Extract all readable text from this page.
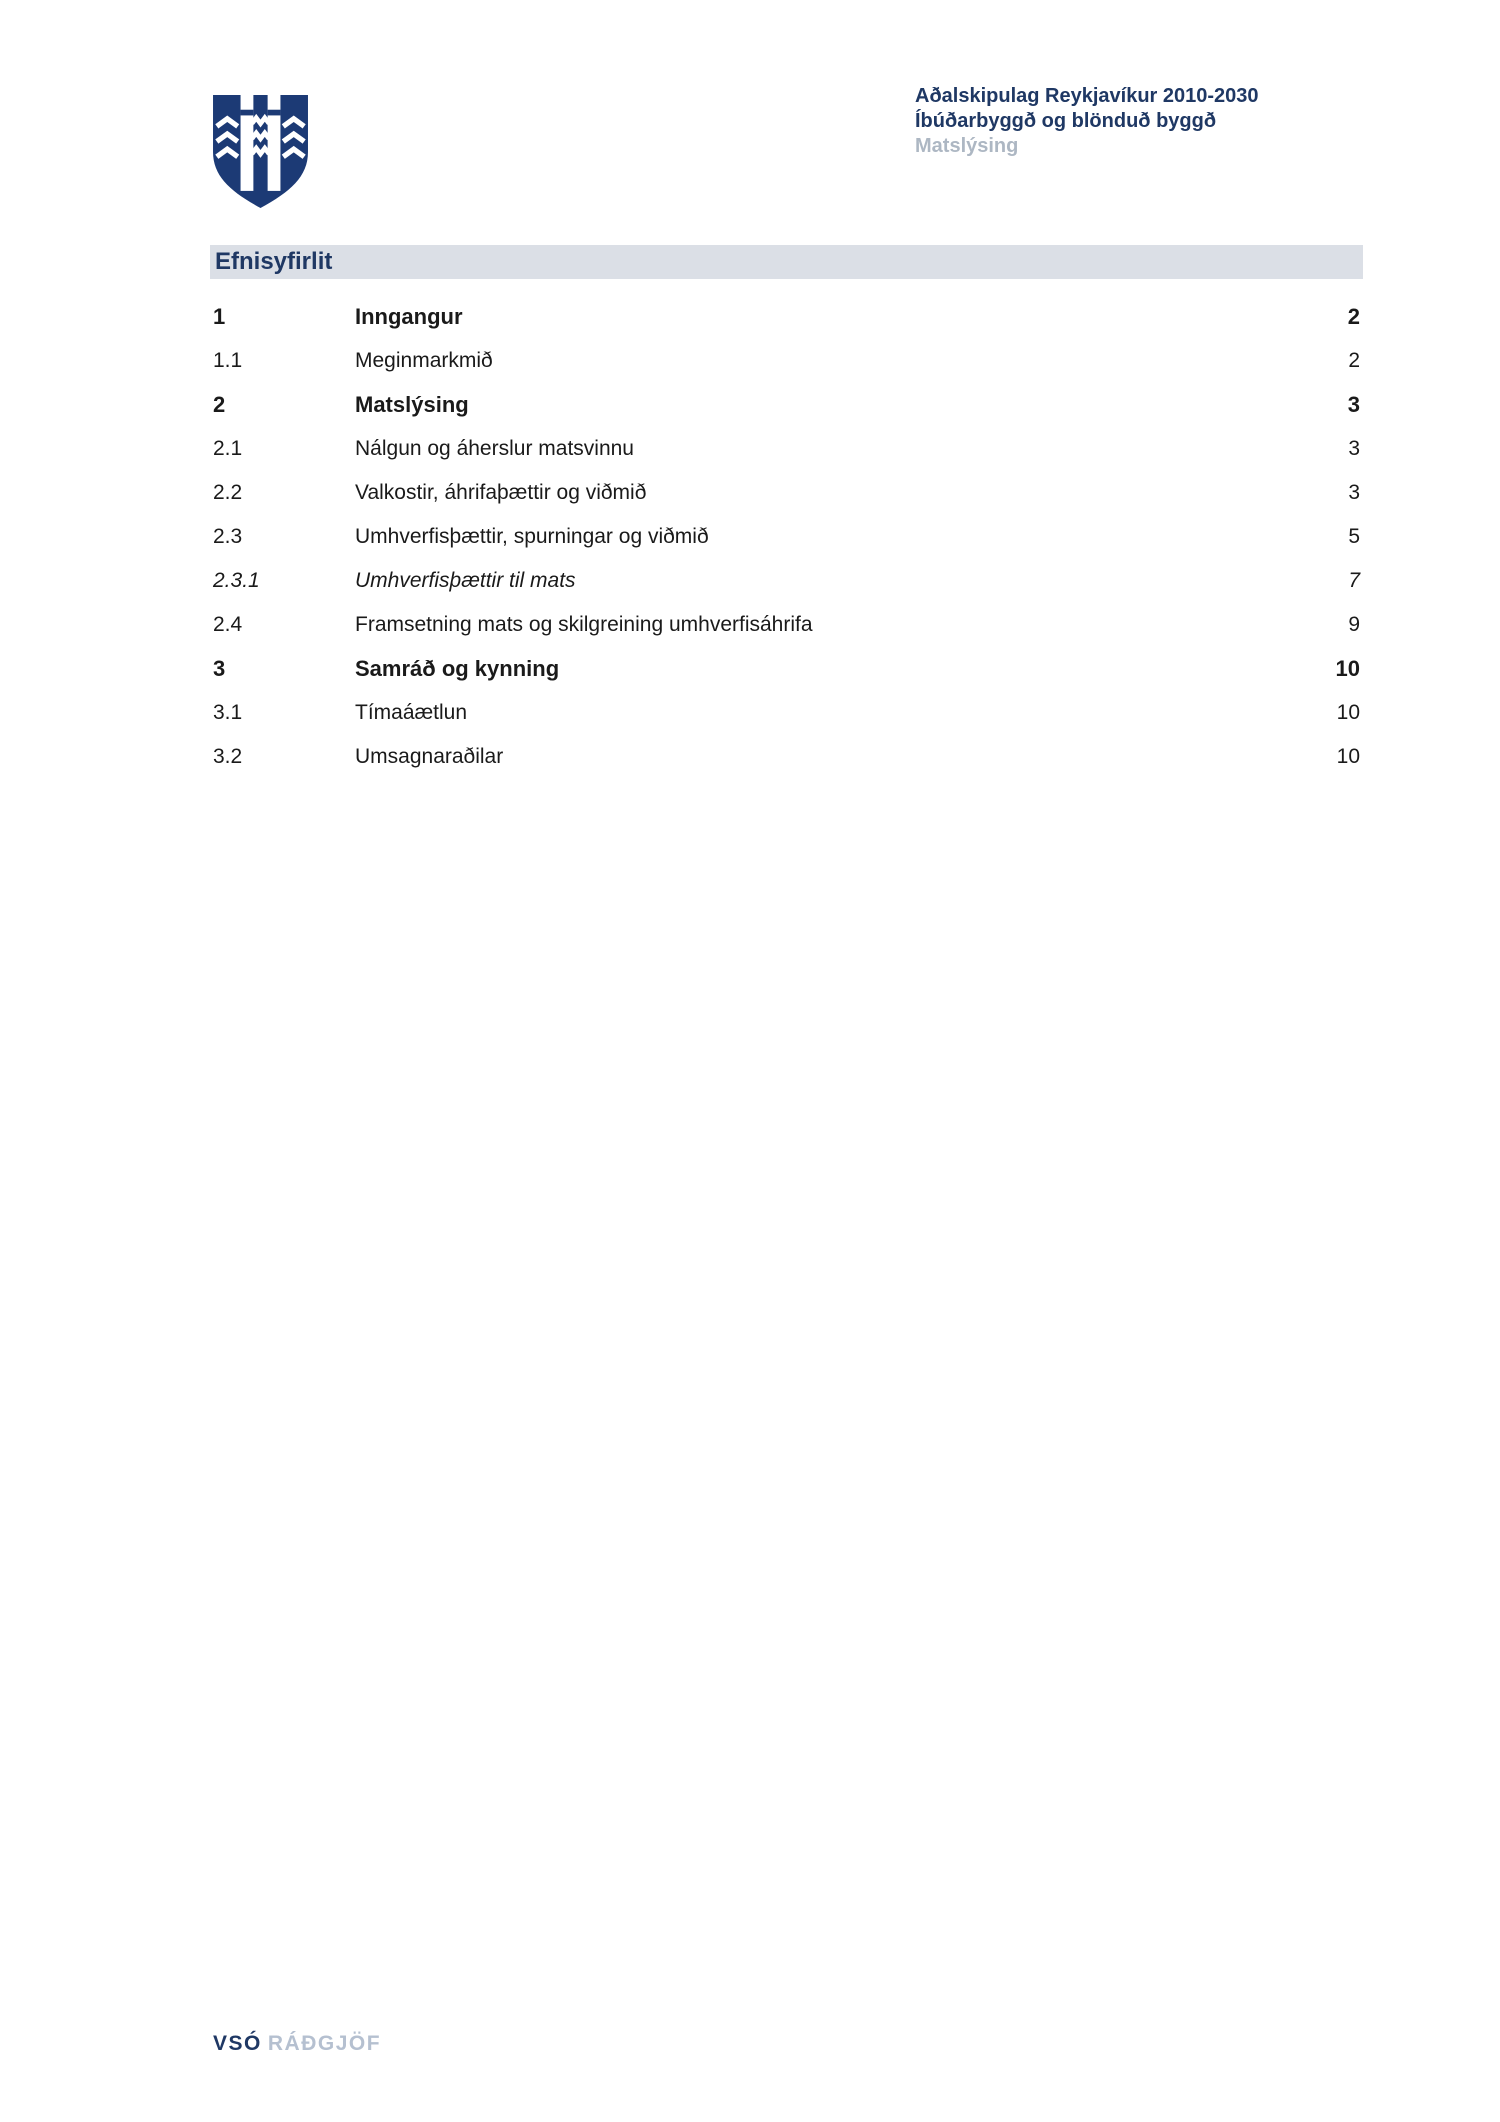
Aðalskipulag Reykjavíkur 2010-2030
Íbúðarbyggð og blönduð byggð
Matslýsing
Efnisyfirlit
1	Inngangur	2
1.1	Meginmarkmið	2
2	Matslýsing	3
2.1	Nálgun og áherslur matsvinnu	3
2.2	Valkostir, áhrifaþættir og viðmið	3
2.3	Umhverfisþættir, spurningar og viðmið	5
2.3.1	Umhverfisþættir til mats	7
2.4	Framsetning mats og skilgreining umhverfisáhrifa	9
3	Samráð og kynning	10
3.1	Tímaáætlun	10
3.2	Umsagnaraðilar	10
VSÓ RÁÐGJÖF
